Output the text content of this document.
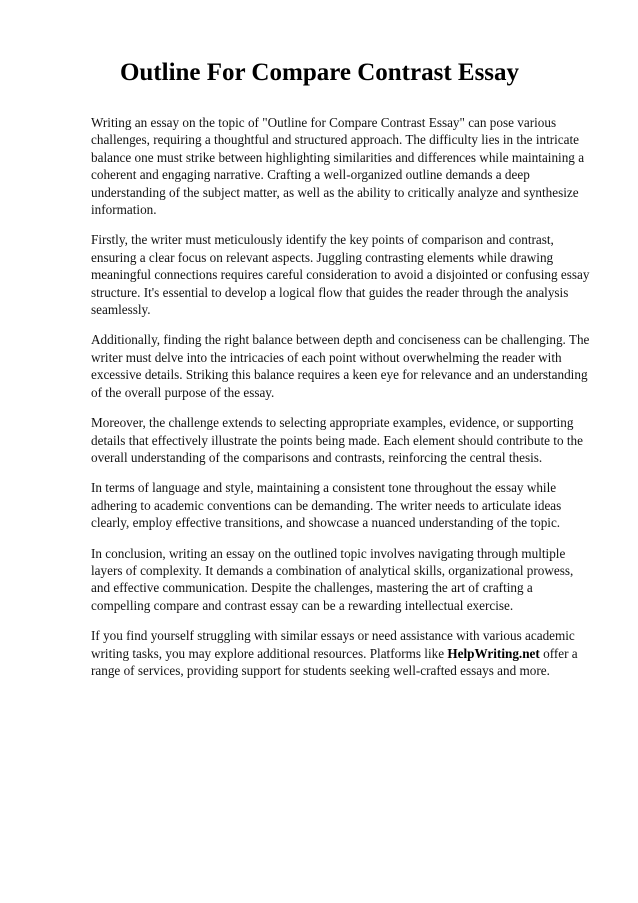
Outline For Compare Contrast Essay

Writing an essay on the topic of "Outline for Compare Contrast Essay" can pose various challenges, requiring a thoughtful and structured approach. The difficulty lies in the intricate balance one must strike between highlighting similarities and differences while maintaining a coherent and engaging narrative. Crafting a well-organized outline demands a deep understanding of the subject matter, as well as the ability to critically analyze and synthesize information.

Firstly, the writer must meticulously identify the key points of comparison and contrast, ensuring a clear focus on relevant aspects. Juggling contrasting elements while drawing meaningful connections requires careful consideration to avoid a disjointed or confusing essay structure. It's essential to develop a logical flow that guides the reader through the analysis seamlessly.

Additionally, finding the right balance between depth and conciseness can be challenging. The writer must delve into the intricacies of each point without overwhelming the reader with excessive details. Striking this balance requires a keen eye for relevance and an understanding of the overall purpose of the essay.

Moreover, the challenge extends to selecting appropriate examples, evidence, or supporting details that effectively illustrate the points being made. Each element should contribute to the overall understanding of the comparisons and contrasts, reinforcing the central thesis.

In terms of language and style, maintaining a consistent tone throughout the essay while adhering to academic conventions can be demanding. The writer needs to articulate ideas clearly, employ effective transitions, and showcase a nuanced understanding of the topic.

In conclusion, writing an essay on the outlined topic involves navigating through multiple layers of complexity. It demands a combination of analytical skills, organizational prowess, and effective communication. Despite the challenges, mastering the art of crafting a compelling compare and contrast essay can be a rewarding intellectual exercise.

If you find yourself struggling with similar essays or need assistance with various academic writing tasks, you may explore additional resources. Platforms like HelpWriting.net offer a range of services, providing support for students seeking well-crafted essays and more.
